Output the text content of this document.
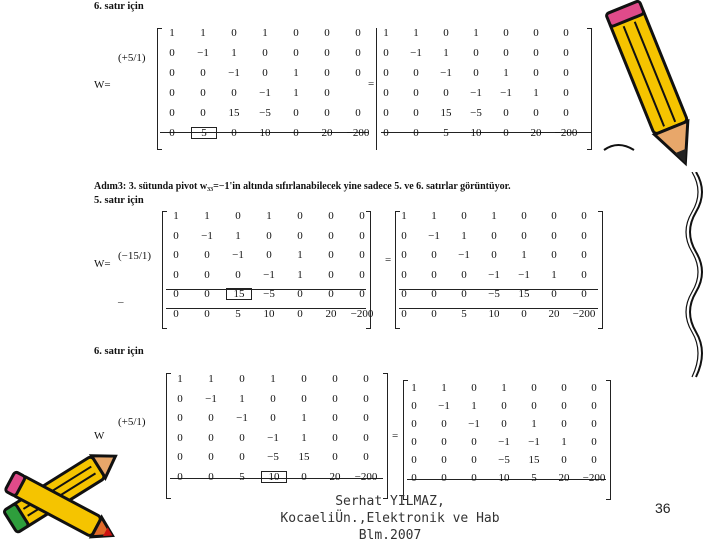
6. satır için
W=
(+5/1)
=
Adım3: 3. sütunda pivot w₃₃=−1'in altında sıfırlanabilecek yine sadece 5. ve 6. satırlar görüntüyor.
5. satır için
W=
(−15/1)	=
–
6. satır için
W
(+5/1)
=
Serhat YILMAZ,
KocaeliÜn.,Elektronik ve Hab
Blm.2007
36
1	1	0	1	0	0	0
0	−1	1	0	0	0	0
0	0	−1	0	1	0	0
0	0	0	−1	1	0
0	0	15	−5	0	0	0
0	5	0	10	0	20	−200
1	1	0	1	0	0	0
0	−1	1	0	0	0	0
0	0	−1	0	1	0	0
0	0	0	−1	−1	1	0
0	0	15	−5	0	0	0
0	0	5	10	0	20	−200
1	1	0	1	0	0	0
0	−1	1	0	0	0	0
0	0	−1	0	1	0	0
0	0	0	−1	1	0	0
0	0	15	−5	0	0	0
0	0	5	10	0	20	−200
1	1	0	1	0	0	0
0	−1	1	0	0	0	0
0	0	−1	0	1	0	0
0	0	0	−1	−1	1	0
0	0	0	−5	15	0	0
0	0	5	10	0	20	−200
1	1	0	1	0	0	0
0	−1	1	0	0	0	0
0	0	−1	0	1	0	0
0	0	0	−1	1	0	0
0	0	0	−5	15	0	0
0	0	5	10	0	20	−200
1	1	0	1	0	0	0
0	−1	1	0	0	0	0
0	0	−1	0	1	0	0
0	0	0	−1	−1	1	0
0	0	0	−5	15	0	0
0	0	0	10	5	20	−200
